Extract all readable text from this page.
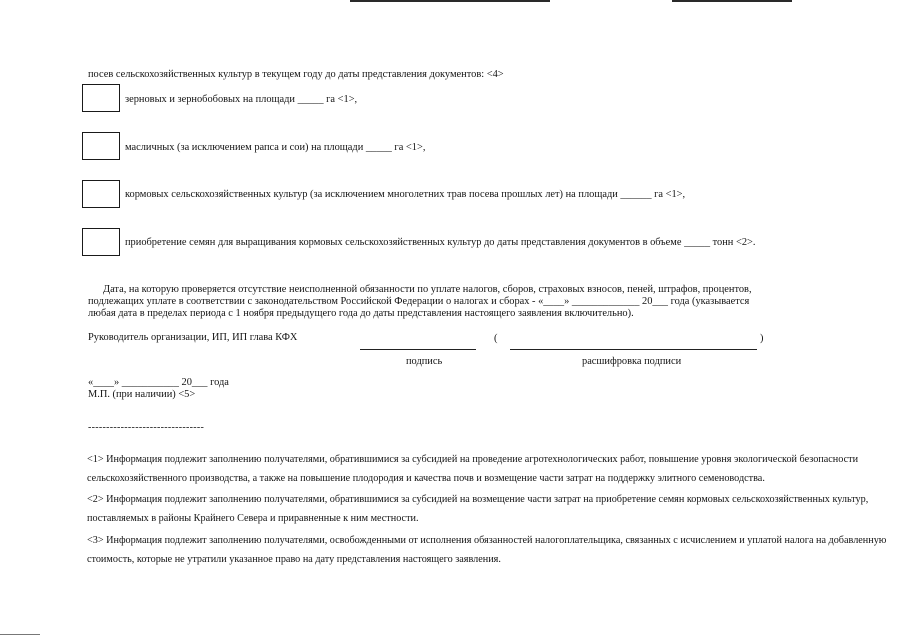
посев сельскохозяйственных культур в текущем году до даты представления документов: <4>
зерновых и зернобобовых на площади _____ га <1>,
масличных (за исключением рапса и сои) на площади _____ га <1>,
кормовых сельскохозяйственных культур (за исключением многолетних трав посева прошлых лет) на площади ______ га <1>,
приобретение семян для выращивания кормовых сельскохозяйственных культур до даты представления документов в объеме _____ тонн <2>.
Дата, на которую проверяется отсутствие неисполненной обязанности по уплате налогов, сборов, страховых взносов, пеней, штрафов, процентов,
подлежащих уплате в соответствии с законодательством Российской Федерации о налогах и сборах - «____» _____________ 20___ года (указывается
любая дата в пределах периода с 1 ноября предыдущего года до даты представления настоящего заявления включительно).
Руководитель организации, ИП, ИП глава КФХ	(	)
подпись	расшифровка подписи
«____» ___________ 20___ года
М.П. (при наличии) <5>
--------------------------------
<1> Информация подлежит заполнению получателями, обратившимися за субсидией на проведение агротехнологических работ, повышение уровня экологической безопасности сельскохозяйственного производства, а также на повышение плодородия и качества почв и возмещение части затрат на поддержку элитного семеноводства.
<2> Информация подлежит заполнению получателями, обратившимися за субсидией на возмещение части затрат на приобретение семян кормовых сельскохозяйственных культур, поставляемых в районы Крайнего Севера и приравненные к ним местности.
<3> Информация подлежит заполнению получателями, освобожденными от исполнения обязанностей налогоплательщика, связанных с исчислением и уплатой налога на добавленную стоимость, которые не утратили указанное право на дату представления настоящего заявления.
